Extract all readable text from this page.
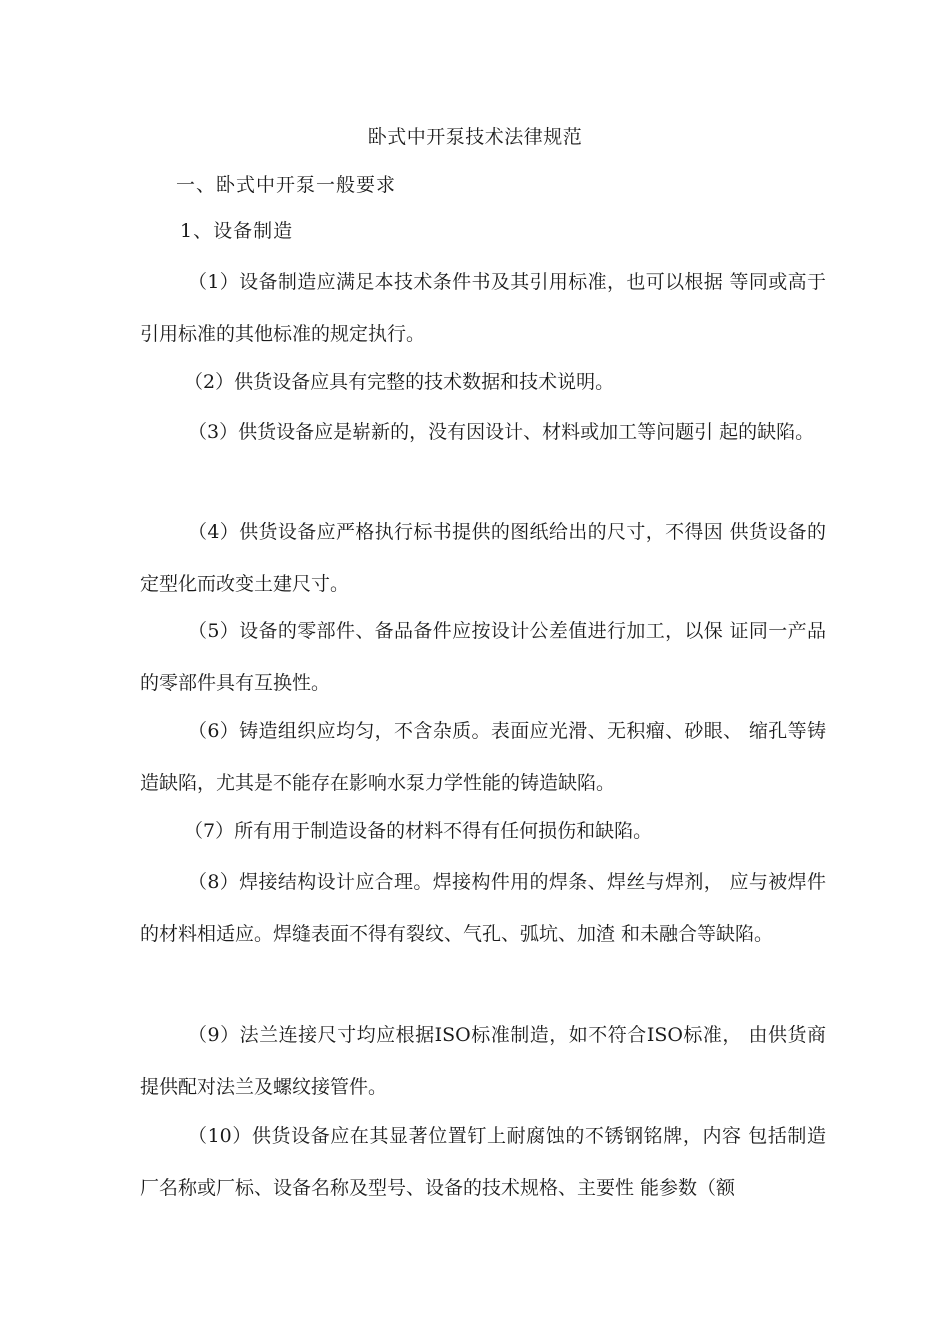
卧式中开泵技术法律规范
一、卧式中开泵一般要求
1、设备制造
（1）设备制造应满足本技术条件书及其引用标准，也可以根据 等同或高于引用标准的其他标准的规定执行。
（2）供货设备应具有完整的技术数据和技术说明。
（3）供货设备应是崭新的，没有因设计、材料或加工等问题引 起的缺陷。
（4）供货设备应严格执行标书提供的图纸给出的尺寸，不得因 供货设备的定型化而改变土建尺寸。
（5）设备的零部件、备品备件应按设计公差值进行加工，以保 证同一产品的零部件具有互换性。
（6）铸造组织应均匀，不含杂质。表面应光滑、无积瘤、砂眼、 缩孔等铸造缺陷，尤其是不能存在影响水泵力学性能的铸造缺陷。
（7）所有用于制造设备的材料不得有任何损伤和缺陷。
（8）焊接结构设计应合理。焊接构件用的焊条、焊丝与焊剂， 应与被焊件的材料相适应。焊缝表面不得有裂纹、气孔、弧坑、加渣 和未融合等缺陷。
（9）法兰连接尺寸均应根据ISO标准制造，如不符合ISO标准， 由供货商提供配对法兰及螺纹接管件。
（10）供货设备应在其显著位置钉上耐腐蚀的不锈钢铭牌，内容 包括制造厂名称或厂标、设备名称及型号、设备的技术规格、主要性 能参数（额
